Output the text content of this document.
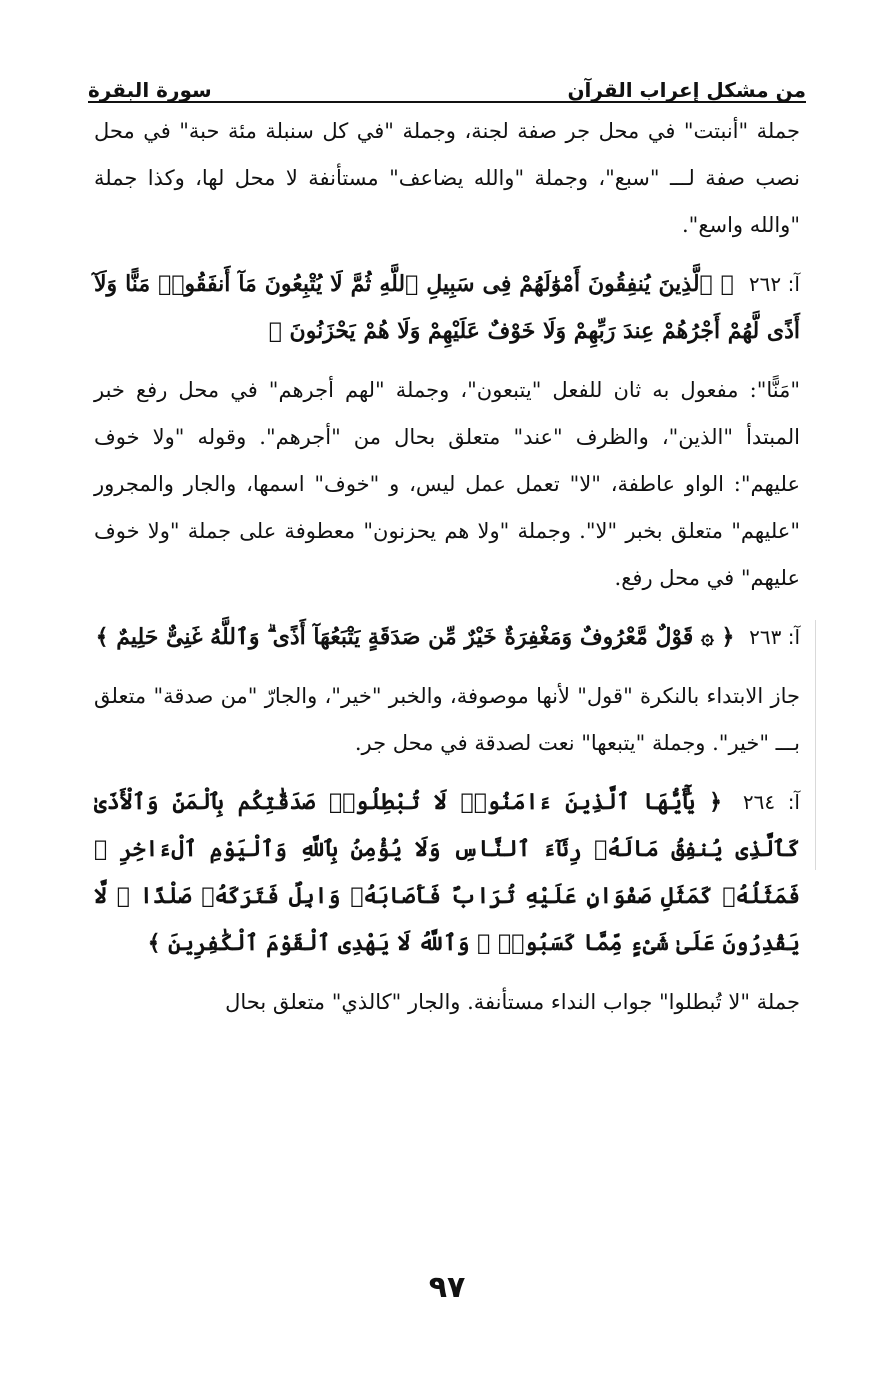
من مشكل إعراب القرآن
سورة البقرة

جملة "أنبتت" في محل جر صفة لجنة، وجملة "في كل سنبلة مئة حبة" في محل نصب صفة لـــ "سبع"، وجملة "والله يضاعف" مستأنفة لا محل لها، وكذا جملة "والله واسع".

آ: ٢٦٢ ﴿ ٱلَّذِينَ يُنفِقُونَ أَمْوَٰلَهُمْ فِى سَبِيلِ ٱللَّهِ ثُمَّ لَا يُتْبِعُونَ مَآ أَنفَقُوا۟ مَنًّا وَلَآ أَذًى لَّهُمْ أَجْرُهُمْ عِندَ رَبِّهِمْ وَلَا خَوْفٌ عَلَيْهِمْ وَلَا هُمْ يَحْزَنُونَ ﴾

"مَنًّا": مفعول به ثان للفعل "يتبعون"، وجملة "لهم أجرهم" في محل رفع خبر المبتدأ "الذين"، والظرف "عند" متعلق بحال من "أجرهم". وقوله "ولا خوف عليهم": الواو عاطفة، "لا" تعمل عمل ليس، و "خوف" اسمها، والجار والمجرور "عليهم" متعلق بخبر "لا". وجملة "ولا هم يحزنون" معطوفة على جملة "ولا خوف عليهم" في محل رفع.

آ: ٢٦٣ ﴿ ۞ قَوْلٌ مَّعْرُوفٌ وَمَغْفِرَةٌ خَيْرٌ مِّن صَدَقَةٍ يَتْبَعُهَآ أَذًى ۗ وَٱللَّهُ غَنِىٌّ حَلِيمٌ ﴾

جاز الابتداء بالنكرة "قول" لأنها موصوفة، والخبر "خير"، والجارّ "من صدقة" متعلق بـــ "خير". وجملة "يتبعها" نعت لصدقة في محل جر.

آ: ٢٦٤ ﴿ يَٰٓأَيُّهَا ٱلَّذِينَ ءَامَنُوا۟ لَا تُبْطِلُوا۟ صَدَقَٰتِكُم بِٱلْمَنِّ وَٱلْأَذَىٰ كَٱلَّذِى يُنفِقُ مَالَهُۥ رِئَآءَ ٱلنَّاسِ وَلَا يُؤْمِنُ بِٱللَّهِ وَٱلْيَوْمِ ٱلْءَاخِرِ ۖ فَمَثَلُهُۥ كَمَثَلِ صَفْوَانٍ عَلَيْهِ تُرَابٌ فَأَصَابَهُۥ وَابِلٌ فَتَرَكَهُۥ صَلْدًا ۖ لَّا يَقْدِرُونَ عَلَىٰ شَىْءٍ مِّمَّا كَسَبُوا۟ ۗ وَٱللَّهُ لَا يَهْدِى ٱلْقَوْمَ ٱلْكَٰفِرِينَ ﴾

جملة "لا تُبطلوا" جواب النداء مستأنفة. والجار "كالذي" متعلق بحال

٩٧
